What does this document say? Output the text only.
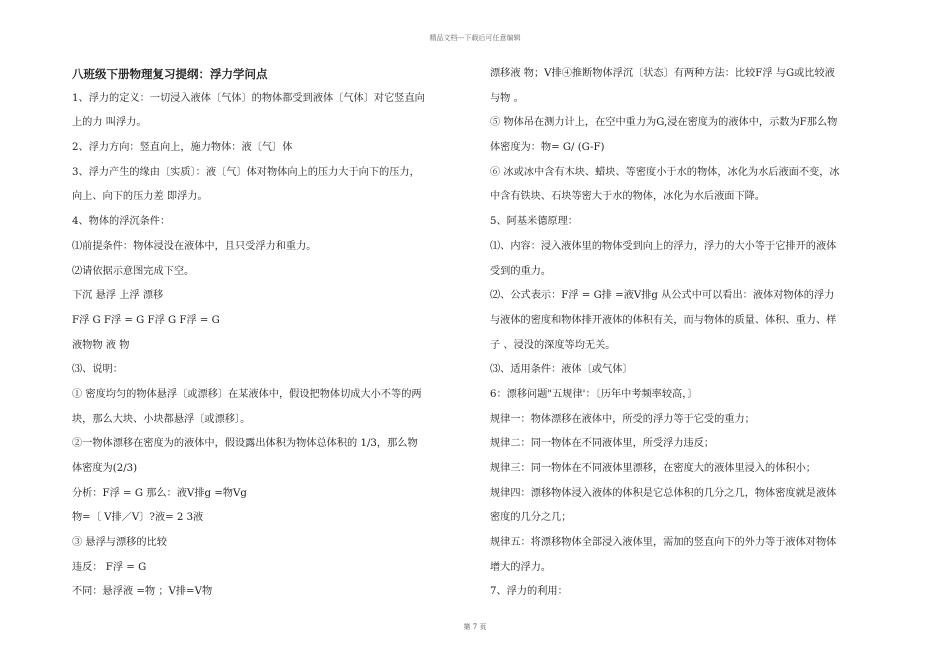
精品文档---下载后可任意编辑
八班级下册物理复习提纲：浮力学问点
1、浮力的定义：一切浸入液体〔气体〕的物体都受到液体〔气体〕对它竖直向
上的力 叫浮力。
2、浮力方向：竖直向上，施力物体：液〔气〕体
3、浮力产生的缘由〔实质〕：液〔气〕体对物体向上的压力大于向下的压力，
向上、向下的压力差 即浮力。
4、物体的浮沉条件：
⑴前提条件：物体浸没在液体中，且只受浮力和重力。
⑵请依据示意图完成下空。
下沉 悬浮 上浮 漂移
F浮 G F浮 = G F浮 G F浮 = G
液物物 液 物
⑶、说明：
① 密度均匀的物体悬浮〔或漂移〕在某液体中，假设把物体切成大小不等的两
块，那么大块、小块都悬浮〔或漂移〕。
②一物体漂移在密度为的液体中，假设露出体积为物体总体积的 1/3，那么物
体密度为(2/3)
分析：F浮 = G 那么：液V排g =物Vg
物=〔 V排／V〕?液= 2 3液
③ 悬浮与漂移的比较
违反： F浮 = G
不同：悬浮液 =物 ；V排=V物
漂移液 物；V排④推断物体浮沉〔状态〕有两种方法：比较F浮 与G或比较液
与物 。
⑤ 物体吊在测力计上，在空中重力为G,浸在密度为的液体中，示数为F那么物
体密度为：物= G/ (G-F)
⑥ 冰或冰中含有木块、蜡块、等密度小于水的物体，冰化为水后液面不变，冰
中含有铁块、石块等密大于水的物体，冰化为水后液面下降。
5、阿基米德原理：
⑴、内容：浸入液体里的物体受到向上的浮力，浮力的大小等于它排开的液体
受到的重力。
⑵、公式表示：F浮 = G排 =液V排g 从公式中可以看出：液体对物体的浮力
与液体的密度和物体排开液体的体积有关，而与物体的质量、体积、重力、样
子 、浸没的深度等均无关。
⑶、适用条件：液体〔或气体〕
6：漂移问题"五规律'：〔历年中考频率较高，〕
规律一：物体漂移在液体中，所受的浮力等于它受的重力；
规律二：同一物体在不同液体里，所受浮力违反；
规律三：同一物体在不同液体里漂移，在密度大的液体里浸入的体积小；
规律四：漂移物体浸入液体的体积是它总体积的几分之几，物体密度就是液体
密度的几分之几；
规律五：将漂移物体全部浸入液体里，需加的竖直向下的外力等于液体对物体
增大的浮力。
7、浮力的利用：
第 7 页
